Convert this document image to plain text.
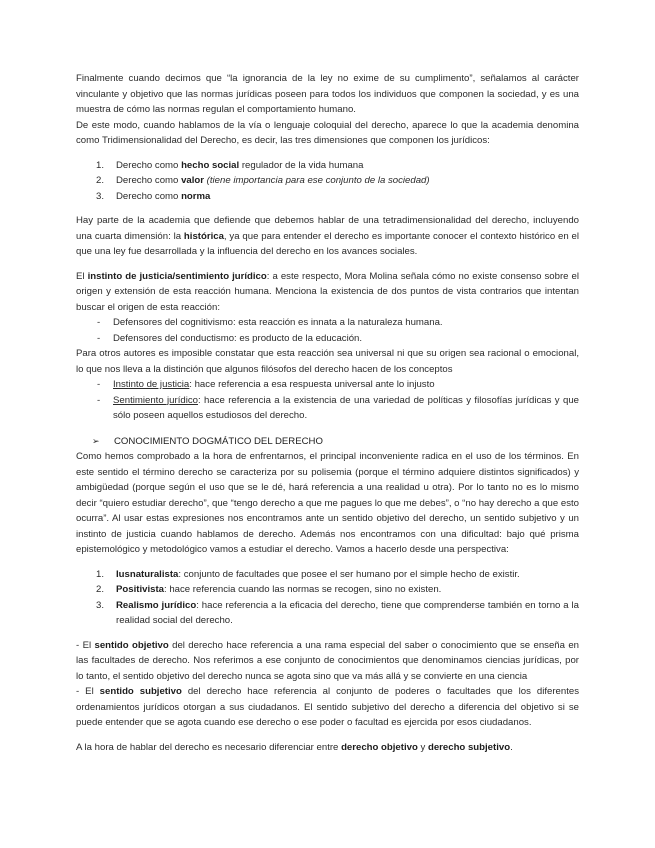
Finalmente cuando decimos que “la ignorancia de la ley no exime de su cumplimento”, señalamos al carácter vinculante y objetivo que las normas jurídicas poseen para todos los individuos que componen la sociedad, y es una muestra de cómo las normas regulan el comportamiento humano.

De este modo, cuando hablamos de la vía o lenguaje coloquial del derecho, aparece lo que la academia denomina como Tridimensionalidad del Derecho, es decir, las tres dimensiones que componen los jurídicos:

1.	Derecho como hecho social regulador de la vida humana
2.	Derecho como valor (tiene importancia para ese conjunto de la sociedad)
3.	Derecho como norma

Hay parte de la academia que defiende que debemos hablar de una tetradimensionalidad del derecho, incluyendo una cuarta dimensión: la histórica, ya que para entender el derecho es importante conocer el contexto histórico en el que una ley fue desarrollada y la influencia del derecho en los avances sociales.

El instinto de justicia/sentimiento jurídico: a este respecto, Mora Molina señala cómo no existe consenso sobre el origen y extensión de esta reacción humana. Menciona la existencia de dos puntos de vista contrarios que intentan buscar el origen de esta reacción:

-	Defensores del cognitivismo: esta reacción es innata a la naturaleza humana.
-	Defensores del conductismo: es producto de la educación.

Para otros autores es imposible constatar que esta reacción sea universal ni que su origen sea racional o emocional, lo que nos lleva a la distinción que algunos filósofos del derecho hacen de los conceptos

-	Instinto de justicia: hace referencia a esa respuesta universal ante lo injusto
-	Sentimiento jurídico: hace referencia a la existencia de una variedad de políticas y filosofías jurídicas y que sólo poseen aquellos estudiosos del derecho.
➢	CONOCIMIENTO DOGMÁTICO DEL DERECHO

Como hemos comprobado a la hora de enfrentarnos, el principal inconveniente radica en el uso de los términos. En este sentido el término derecho se caracteriza por su polisemia (porque el término adquiere distintos significados) y ambigüedad (porque según el uso que se le dé, hará referencia a una realidad u otra). Por lo tanto no es lo mismo decir “quiero estudiar derecho”, que “tengo derecho a que me pagues lo que me debes”, o “no hay derecho a que esto ocurra”. Al usar estas expresiones nos encontramos ante un sentido objetivo del derecho, un sentido subjetivo y un instinto de justicia cuando hablamos de derecho. Además nos encontramos con una dificultad: bajo qué prisma epistemológico y metodológico vamos a estudiar el derecho. Vamos a hacerlo desde una perspectiva:

1.	Iusnaturalista: conjunto de facultades que posee el ser humano por el simple hecho de existir.
2.	Positivista: hace referencia cuando las normas se recogen, sino no existen.
3.	Realismo jurídico: hace referencia a la eficacia del derecho, tiene que comprenderse también en torno a la realidad social del derecho.

- El sentido objetivo del derecho hace referencia a una rama especial del saber o conocimiento que se enseña en las facultades de derecho. Nos referimos a ese conjunto de conocimientos que denominamos ciencias jurídicas, por lo tanto, el sentido objetivo del derecho nunca se agota sino que va más allá y se convierte en una ciencia

- El sentido subjetivo del derecho hace referencia al conjunto de poderes o facultades que los diferentes ordenamientos jurídicos otorgan a sus ciudadanos. El sentido subjetivo del derecho a diferencia del objetivo si se puede entender que se agota cuando ese derecho o ese poder o facultad es ejercida por esos ciudadanos.

A la hora de hablar del derecho es necesario diferenciar entre derecho objetivo y derecho subjetivo.
